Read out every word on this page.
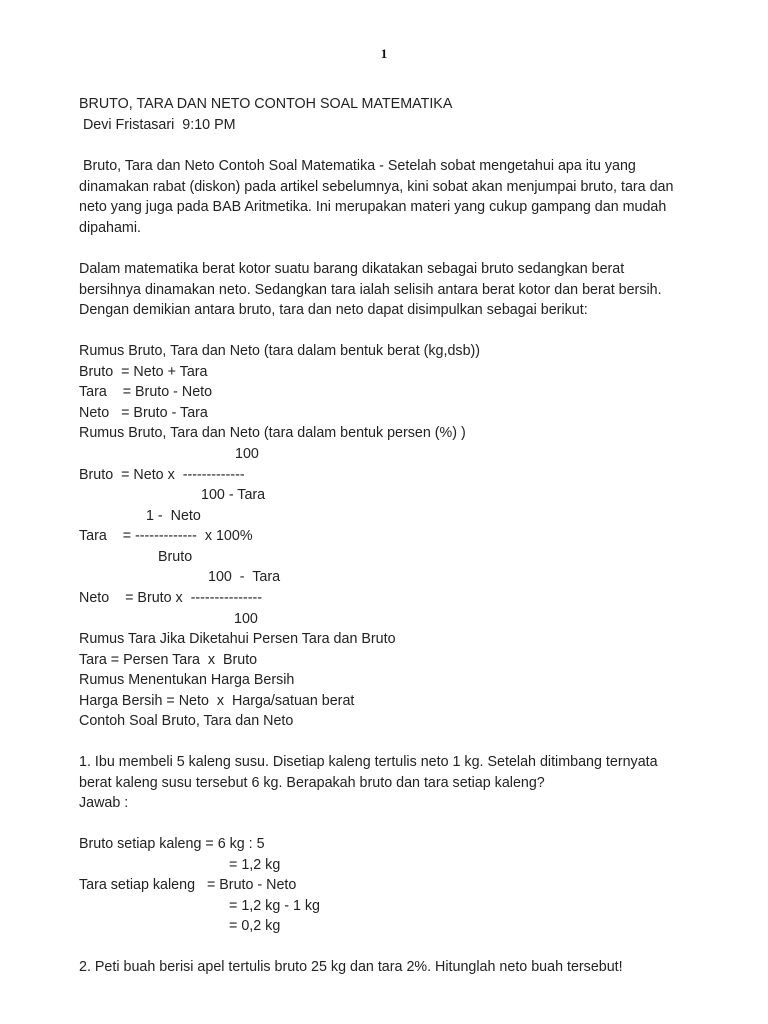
1
BRUTO, TARA DAN NETO CONTOH SOAL MATEMATIKA
Devi Fristasari  9:10 PM
Bruto, Tara dan Neto Contoh Soal Matematika - Setelah sobat mengetahui apa itu yang
dinamakan rabat (diskon) pada artikel sebelumnya, kini sobat akan menjumpai bruto, tara dan
neto yang juga pada BAB Aritmetika. Ini merupakan materi yang cukup gampang dan mudah
dipahami.
Dalam matematika berat kotor suatu barang dikatakan sebagai bruto sedangkan berat
bersihnya dinamakan neto. Sedangkan tara ialah selisih antara berat kotor dan berat bersih.
Dengan demikian antara bruto, tara dan neto dapat disimpulkan sebagai berikut:
Rumus Bruto, Tara dan Neto (tara dalam bentuk berat (kg,dsb))
Bruto  = Neto + Tara
Tara    = Bruto - Neto
Neto   = Bruto - Tara
Rumus Bruto, Tara dan Neto (tara dalam bentuk persen (%) )
100
Bruto  = Neto x  -------------
100 - Tara
1 -  Neto
Tara    = -------------  x 100%
Bruto
100  -  Tara
Neto    = Bruto x  ---------------
100
Rumus Tara Jika Diketahui Persen Tara dan Bruto
Tara = Persen Tara  x  Bruto
Rumus Menentukan Harga Bersih
Harga Bersih = Neto  x  Harga/satuan berat
Contoh Soal Bruto, Tara dan Neto
1. Ibu membeli 5 kaleng susu. Disetiap kaleng tertulis neto 1 kg. Setelah ditimbang ternyata
berat kaleng susu tersebut 6 kg. Berapakah bruto dan tara setiap kaleng?
Jawab :
Bruto setiap kaleng = 6 kg : 5
= 1,2 kg
Tara setiap kaleng   = Bruto - Neto
= 1,2 kg - 1 kg
= 0,2 kg
2. Peti buah berisi apel tertulis bruto 25 kg dan tara 2%. Hitunglah neto buah tersebut!
